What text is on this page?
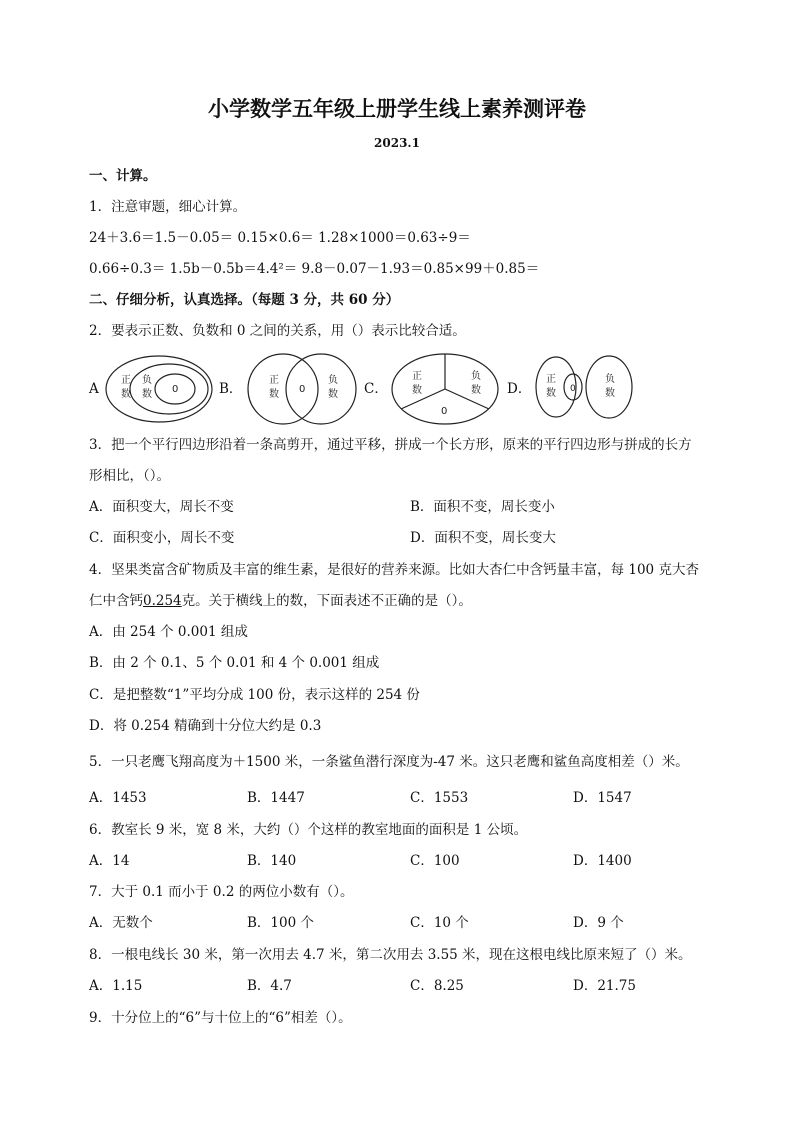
小学数学五年级上册学生线上素养测评卷
2023.1
一、计算。
1．注意审题，细心计算。
24＋3.6＝1.5－0.05＝ 0.15×0.6＝ 1.28×1000＝0.63÷9＝
0.66÷0.3＝ 1.5b－0.5b＝4.4²＝ 9.8－0.07－1.93＝0.85×99＋0.85＝
二、仔细分析，认真选择。（每题 3 分，共 60 分）
2．要表示正数、负数和 0 之间的关系，用（）表示比较合适。
A
正
数
负
数 0	B．
正
数 0
负
数 C．
正
数
负
数
0
D．
正
数 0
负
数
3．把一个平行四边形沿着一条高剪开，通过平移，拼成一个长方形，原来的平行四边形与拼成的长方
形相比，（）。
A．面积变大，周长不变	B．面积不变，周长变小
C．面积变小，周长不变	D．面积不变，周长变大
4．坚果类富含矿物质及丰富的维生素，是很好的营养来源。比如大杏仁中含钙量丰富，每 100 克大杏
仁中含钙0.254克。关于横线上的数，下面表述不正确的是（）。
A．由 254 个 0.001 组成
B．由 2 个 0.1、5 个 0.01 和 4 个 0.001 组成
C．是把整数“1”平均分成 100 份，表示这样的 254 份
D．将 0.254 精确到十分位大约是 0.3
5．一只老鹰飞翔高度为＋1500 米，一条鲨鱼潜行深度为-47 米。这只老鹰和鲨鱼高度相差（）米。
A．1453	B．1447	C．1553	D．1547
6．教室长 9 米，宽 8 米，大约（）个这样的教室地面的面积是 1 公顷。
A．14	B．140	C．100	D．1400
7．大于 0.1 而小于 0.2 的两位小数有（）。
A．无数个	B．100 个	C．10 个	D．9 个
8．一根电线长 30 米，第一次用去 4.7 米，第二次用去 3.55 米，现在这根电线比原来短了（）米。
A．1.15	B．4.7	C．8.25	D．21.75
9．十分位上的“6”与十位上的“6”相差（）。
